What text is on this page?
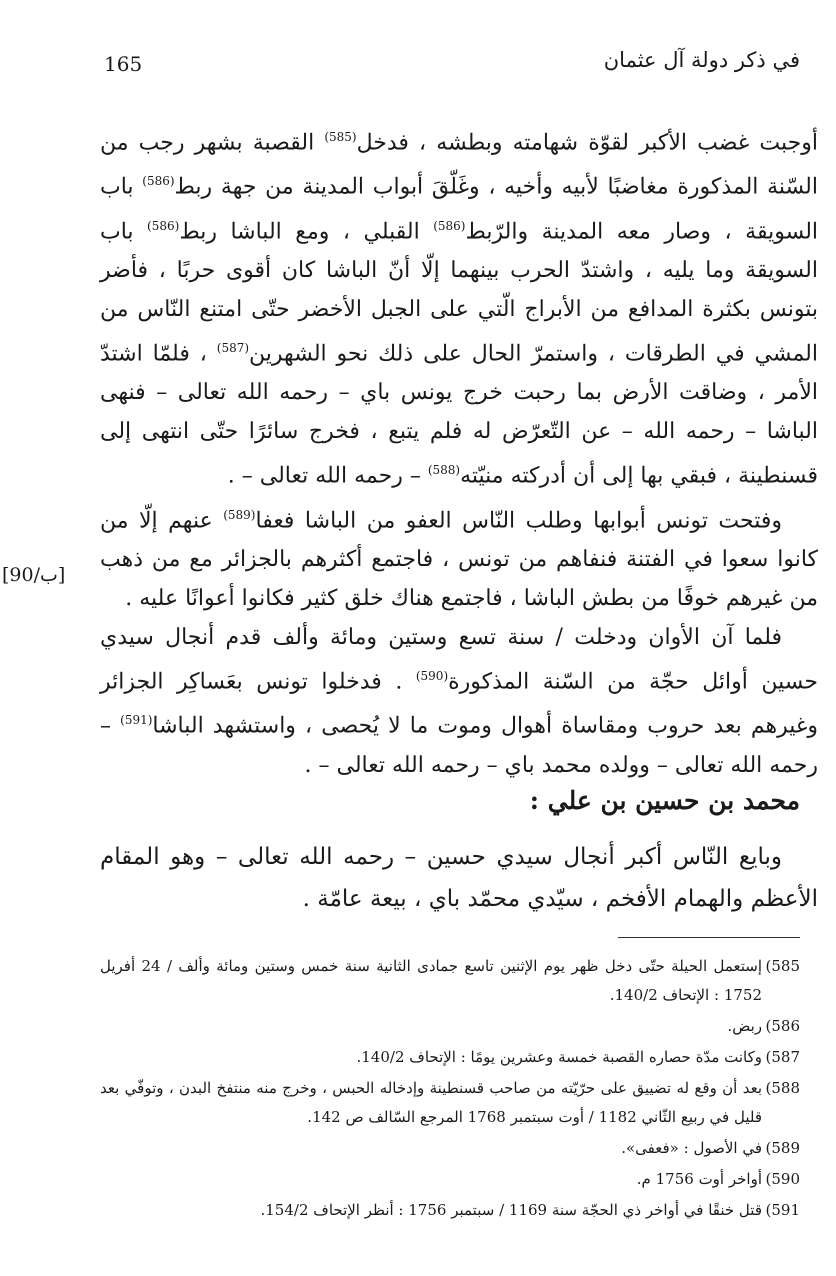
165	في ذكر دولة آل عثمان

أوجبت غضب الأكبر لقوّة شهامته وبطشه ، فدخل$^{(585)}$ القصبة بشهر رجب من السّنة المذكورة مغاضبًا لأبيه وأخيه ، وغَلّقَ أبواب المدينة من جهة ربط$^{(586)}$ باب السويقة ، وصار معه المدينة والرّبط$^{(586)}$ القبلي ، ومع الباشا ربط$^{(586)}$ باب السويقة وما يليه ، واشتدّ الحرب بينهما إلّا أنّ الباشا كان أقوى حربًا ، فأضر بتونس بكثرة المدافع من الأبراج الّتي على الجبل الأخضر حتّى امتنع النّاس من المشي في الطرقات ، واستمرّ الحال على ذلك نحو الشهرين$^{(587)}$ ، فلمّا اشتدّ الأمر ، وضاقت الأرض بما رحبت خرج يونس باي – رحمه الله تعالى – فنهى الباشا – رحمه الله – عن التّعرّض له فلم يتبع ، فخرج سائرًا حتّى انتهى إلى قسنطينة ، فبقي بها إلى أن أدركته منيّته$^{(588)}$ – رحمه الله تعالى – .

وفتحت تونس أبوابها وطلب النّاس العفو من الباشا فعفا$^{(589)}$ عنهم إلّا من كانوا سعوا في الفتنة فنفاهم من تونس ، فاجتمع أكثرهم بالجزائر مع من ذهب من غيرهم خوفًا من بطش الباشا ، فاجتمع هناك خلق كثير فكانوا أعوانًا عليه .

فلما آن الأوان ودخلت / سنة تسع وستين ومائة وألف قدم أنجال سيدي حسين أوائل حجّة من السّنة المذكورة$^{(590)}$ . فدخلوا تونس بعَساكِر الجزائر وغيرهم بعد حروب ومقاساة أهوال وموت ما لا يُحصى ، واستشهد الباشا$^{(591)}$ – رحمه الله تعالى – وولده محمد باي – رحمه الله تعالى – .

[90/ب]
محمد بن حسين بن علي :

وبايع النّاس أكبر أنجال سيدي حسين – رحمه الله تعالى – وهو المقام الأعظم والهمام الأفخم ، سيّدي محمّد باي ، بيعة عامّة .

585)
إستعمل الحيلة حتّى دخل ظهر يوم الإثنين تاسع جمادى الثانية سنة خمس وستين ومائة وألف / 24 أفريل 1752 : الإتحاف 140/2.
586)
ربض.
587)
وكانت مدّة حصاره القصبة خمسة وعشرين يومًا : الإتحاف 140/2.
588)
بعد أن وقع له تضييق على حرّيّته من صاحب قسنطينة وإدخاله الحبس ، وخرج منه منتفخ البدن ، وتوفّي بعد قليل في ربيع الثّاني 1182 / أوت سبتمبر 1768 المرجع السّالف ص 142.
589)
في الأصول : «فعفى».
590)
أواخر أوت 1756 م.
591)
قتل خنقًا في أواخر ذي الحجّة سنة 1169 / سبتمبر 1756 : أنظر الإتحاف 154/2.
